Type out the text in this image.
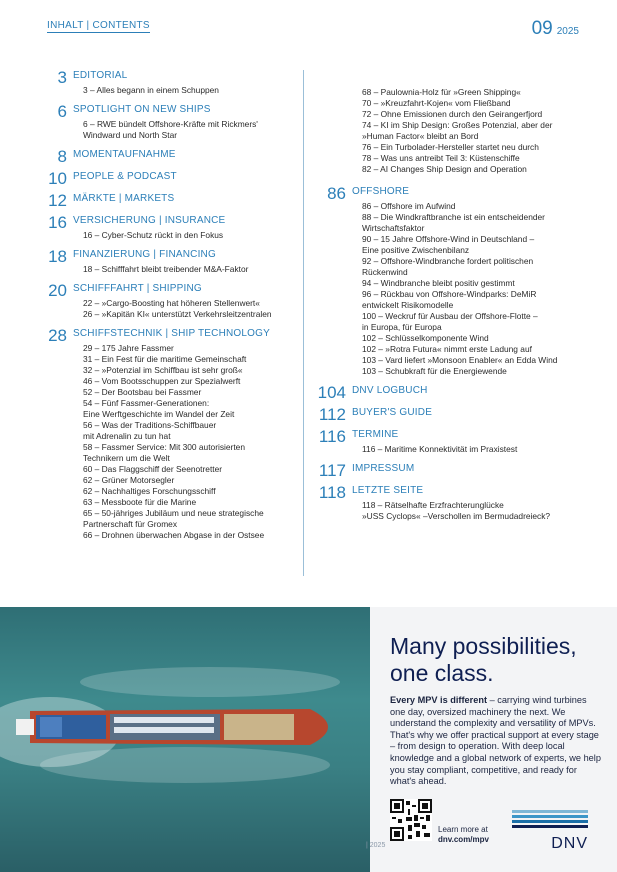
INHALT | CONTENTS	09 2025
3 EDITORIAL
3 – Alles begann in einem Schuppen
6 SPOTLIGHT ON NEW SHIPS
6 – RWE bündelt Offshore-Kräfte mit Rickmers'
Windward und North Star
8 MOMENTAUFNAHME
10 PEOPLE & PODCAST
12 MÄRKTE | MARKETS
16 VERSICHERUNG | INSURANCE
16 – Cyber-Schutz rückt in den Fokus
18 FINANZIERUNG | FINANCING
18 – Schifffahrt bleibt treibender M&A-Faktor
20 SCHIFFFAHRT | SHIPPING
22 – »Cargo-Boosting hat höheren Stellenwert«
26 – »Kapitän KI« unterstützt Verkehrsleitzentralen
28 SCHIFFSTECHNIK | SHIP TECHNOLOGY
29 – 175 Jahre Fassmer
31 – Ein Fest für die maritime Gemeinschaft
32 – »Potenzial im Schiffbau ist sehr groß«
46 – Vom Bootsschuppen zur Spezialwerft
52 – Der Bootsbau bei Fassmer
54 – Fünf Fassmer-Generationen:
Eine Werftgeschichte im Wandel der Zeit
56 – Was der Traditions-Schiffbauer
mit Adrenalin zu tun hat
58 – Fassmer Service: Mit 300 autorisierten
Technikern um die Welt
60 – Das Flaggschiff der Seenotretter
62 – Grüner Motorsegler
62 – Nachhaltiges Forschungsschiff
63 – Messboote für die Marine
65 – 50-jähriges Jubiläum und neue strategische
Partnerschaft für Gromex
66 – Drohnen überwachen Abgase in der Ostsee
68 – Paulownia-Holz für »Green Shipping«
70 – »Kreuzfahrt-Kojen« vom Fließband
72 – Ohne Emissionen durch den Geirangerfjord
74 – KI im Ship Design: Großes Potenzial, aber der
»Human Factor« bleibt an Bord
76 – Ein Turbolader-Hersteller startet neu durch
78 – Was uns antreibt Teil 3: Küstenschiffe
82 – AI Changes Ship Design and Operation
86 OFFSHORE
86 – Offshore im Aufwind
88 – Die Windkraftbranche ist ein entscheidender
Wirtschaftsfaktor
90 – 15 Jahre Offshore-Wind in Deutschland –
Eine positive Zwischenbilanz
92 – Offshore-Windbranche fordert politischen
Rückenwind
94 – Windbranche bleibt positiv gestimmt
96 – Rückbau von Offshore-Windparks: DeMiR
entwickelt Risikomodelle
100 – Weckruf für Ausbau der Offshore-Flotte –
in Europa, für Europa
102 – Schlüsselkomponente Wind
102 – »Rotra Futura« nimmt erste Ladung auf
103 – Vard liefert »Monsoon Enabler« an Edda Wind
103 – Schubkraft für die Energiewende
104 DNV LOGBUCH
112 BUYER'S GUIDE
116 TERMINE
116 – Maritime Konnektivität im Praxistest
117 IMPRESSUM
118 LETZTE SEITE
118 – Rätselhafte Erzfrachterunglücke
»USS Cyclops« –Verschollen im Bermudadreieck?
Many possibilities, one class.
Every MPV is different – carrying wind turbines one day, oversized machinery the next. We understand the complexity and versatility of MPVs. That's why we offer practical support at every stage – from design to operation. With deep local knowledge and a global network of experts, we help you stay compliant, competitive, and ready for what's ahead.
Learn more at
dnv.com/mpv	DNV
| 2025
